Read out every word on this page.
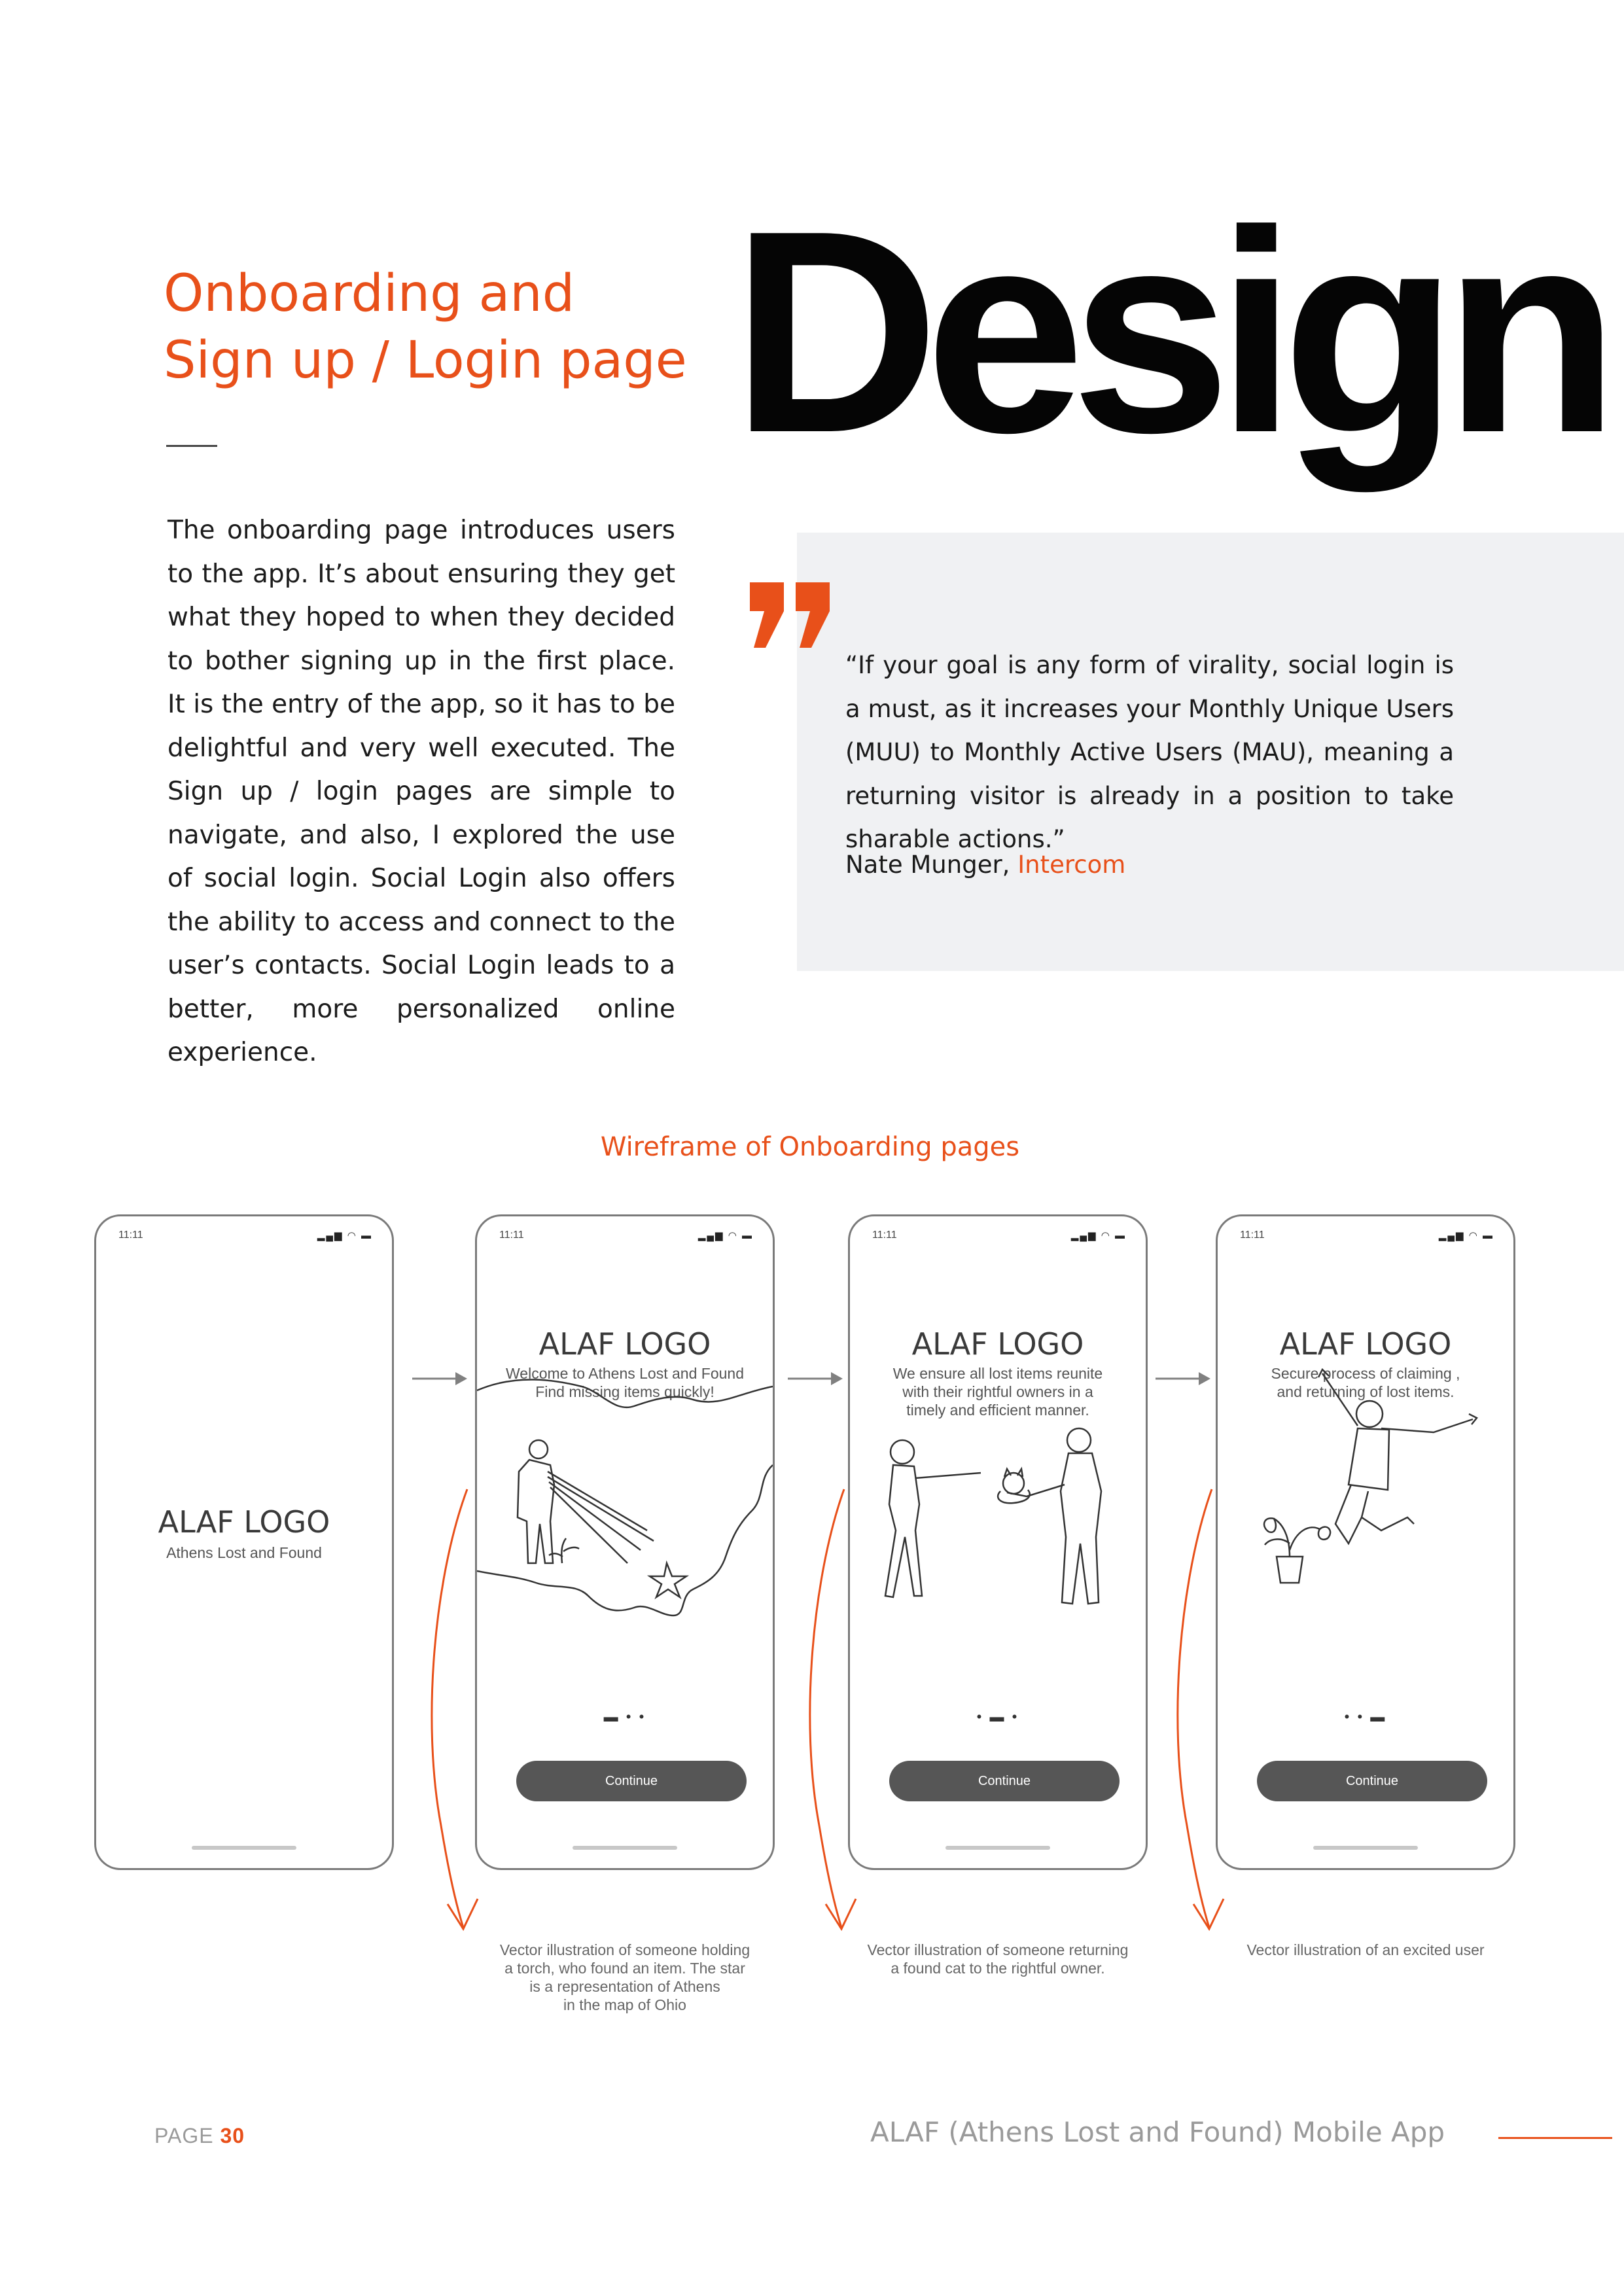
Onboarding and
Sign up / Login page Design
The onboarding page introduces users to the app. It’s about ensuring they get what they hoped to when they decided to bother signing up in the first place. It is the entry of the app, so it has to be delightful and very well executed. The Sign up / login pages are simple to navigate, and also, I explored the use of social login. Social Login also offers the ability to access and connect to the user’s contacts. Social Login leads to a better, more personalized online experience.
“If your goal is any form of virality, social login is a must, as it increases your Monthly Unique Users (MUU) to Monthly Active Users (MAU), meaning a returning visitor is already in a position to take sharable actions.”
Nate Munger, Intercom
Wireframe of Onboarding pages
11:11	▂▄▆ ◠ ▬
ALAF LOGO
Athens Lost and Found
11:11	▂▄▆ ◠ ▬
ALAF LOGO
Welcome to Athens Lost and Found
Find missing items quickly!
▬ • •
Continue
11:11	▂▄▆ ◠ ▬
ALAF LOGO
We ensure all lost items reunite
with their rightful owners in a
timely and efficient manner.
• ▬ •
Continue
11:11	▂▄▆ ◠ ▬
ALAF LOGO
Secure process of claiming ,
and returning of lost items.
• • ▬
Continue
Vector illustration of someone holding
a torch, who found an item. The star
is a representation of Athens
in the map of Ohio
Vector illustration of someone returning
a found cat to the rightful owner.
Vector illustration of an excited user
PAGE 30	ALAF (Athens Lost and Found) Mobile App
